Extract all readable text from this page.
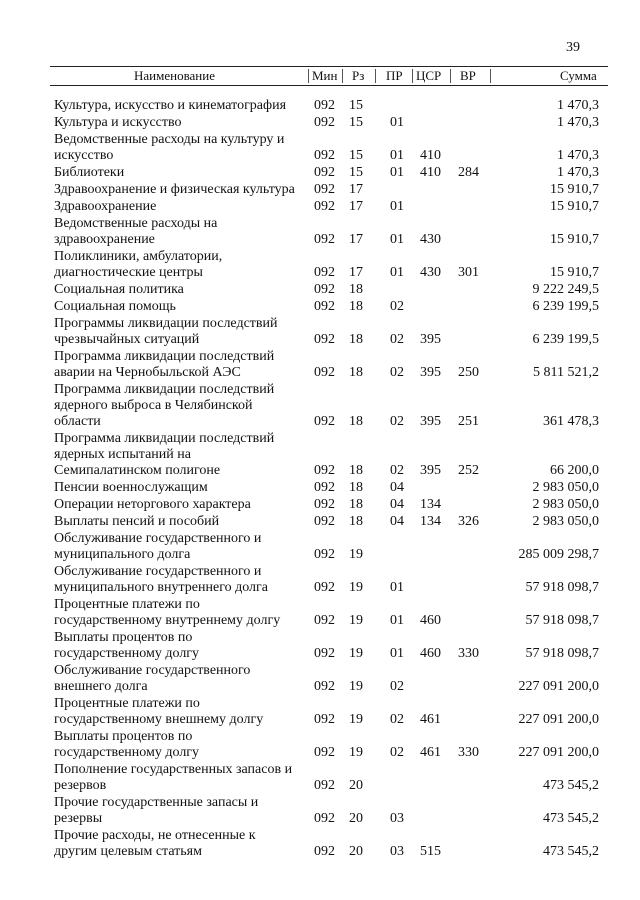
39
Наименование	Мин Рз ПР ЦСР ВР	Сумма
Культура, искусство и кинематография 092 15	1 470,3
Культура и искусство	092 15 01	1 470,3
Ведомственные расходы на культуру и
искусство	092 15 01 410	1 470,3
Библиотеки	092 15 01 410 284	1 470,3
Здравоохранение и физическая культура 092 17	15 910,7
Здравоохранение	092 17 01	15 910,7
Ведомственные расходы на
здравоохранение	092 17 01 430	15 910,7
Поликлиники, амбулатории,
диагностические центры	092 17 01 430 301	15 910,7
Социальная политика	092 18	9 222 249,5
Социальная помощь	092 18 02	6 239 199,5
Программы ликвидации последствий
чрезвычайных ситуаций	092 18 02 395	6 239 199,5
Программа ликвидации последствий
аварии на Чернобыльской АЭС	092 18 02 395 250	5 811 521,2
Программа ликвидации последствий
ядерного выброса в Челябинской
области	092 18 02 395 251	361 478,3
Программа ликвидации последствий
ядерных испытаний на
Семипалатинском полигоне	092 18 02 395 252	66 200,0
Пенсии военнослужащим	092 18 04	2 983 050,0
Операции неторгового характера	092 18 04 134	2 983 050,0
Выплаты пенсий и пособий	092 18 04 134 326	2 983 050,0
Обслуживание государственного и
муниципального долга	092 19	285 009 298,7
Обслуживание государственного и
муниципального внутреннего долга	092 19 01	57 918 098,7
Процентные платежи по
государственному внутреннему долгу 092 19 01 460	57 918 098,7
Выплаты процентов по
государственному долгу	092 19 01 460 330	57 918 098,7
Обслуживание государственного
внешнего долга	092 19 02	227 091 200,0
Процентные платежи по
государственному внешнему долгу	092 19 02 461	227 091 200,0
Выплаты процентов по
государственному долгу	092 19 02 461 330	227 091 200,0
Пополнение государственных запасов и
резервов	092 20	473 545,2
Прочие государственные запасы и
резервы	092 20 03	473 545,2
Прочие расходы, не отнесенные к
другим целевым статьям	092 20 03 515	473 545,2
